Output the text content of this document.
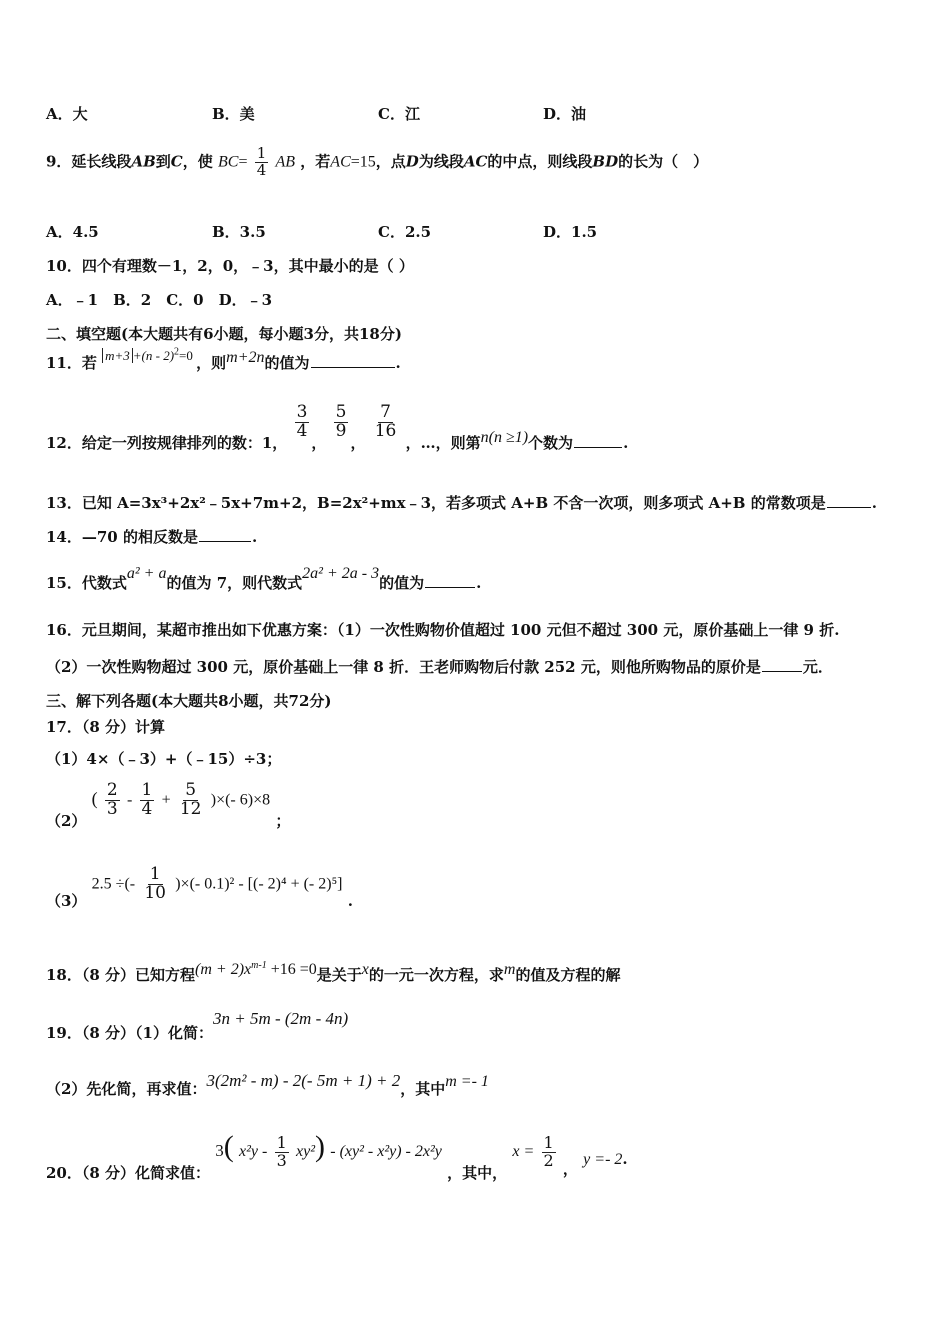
A．大	B．美	C．江	D．油
9．延长线段AB到C，使 $BC= \frac{1}{4}$ AB ，若AC=15，点D为线段AC的中点，则线段BD的长为（　）
A．4.5	B．3.5	C．2.5	D．1.5
10．四个有理数－1，2，0，﹣3，其中最小的是（ ）
A．﹣1　B．2　C．0　D．﹣3
二、填空题(本大题共有6小题，每小题3分，共18分)
11．若 m+3 +(n - 2)$^2$=0 ，则m+2n的值为	.
12．给定一列按规律排列的数：1，
$\frac{3}{4}$
，
$\frac{5}{9}$
，
$\frac{7}{16}$
，…，则第n(n ≥1)个数为	.
13．已知 A=3x³+2x²﹣5x+7m+2，B=2x²+mx﹣3，若多项式 A+B 不含一次项，则多项式 A+B 的常数项是	.
14．—70 的相反数是	.
15．代数式a² + a的值为 7，则代数式2a² + 2a - 3的值为	.
16．元旦期间，某超市推出如下优惠方案：（1）一次性购物价值超过 100 元但不超过 300 元，原价基础上一律 9 折.
（2）一次性购物超过 300 元，原价基础上一律 8 折．王老师购物后付款 252 元，则他所购物品的原价是	元．
三、解下列各题(本大题共8小题，共72分)
17．（8 分）计算
（1）4×（﹣3）+（﹣15）÷3；
（2） ( $\frac{2}{3} - \frac{1}{4} + \frac{5}{12}$ )×(- 6)×8 ；
（3） 2.5 ÷(- $\frac{1}{10}$ )×(- 0.1)² - [(- 2)⁴ + (- 2)⁵] .
18．（8 分）已知方程$(m + 2)x^{m-1} +16 =0$是关于x的一元一次方程，求m的值及方程的解
19．（8 分）（1）化简：3n + 5m - (2m - 4n)
（2）先化简，再求值：3(2m² - m) - 2(- 5m + 1) + 2，其中m =- 1
20．（8 分）化简求值： 3( $x^2y - \frac{1}{3} xy^2) - (xy^2 - x^2y) - 2x^2y$ ，其中， $x = \frac{1}{2}$ ， y =- 2.
